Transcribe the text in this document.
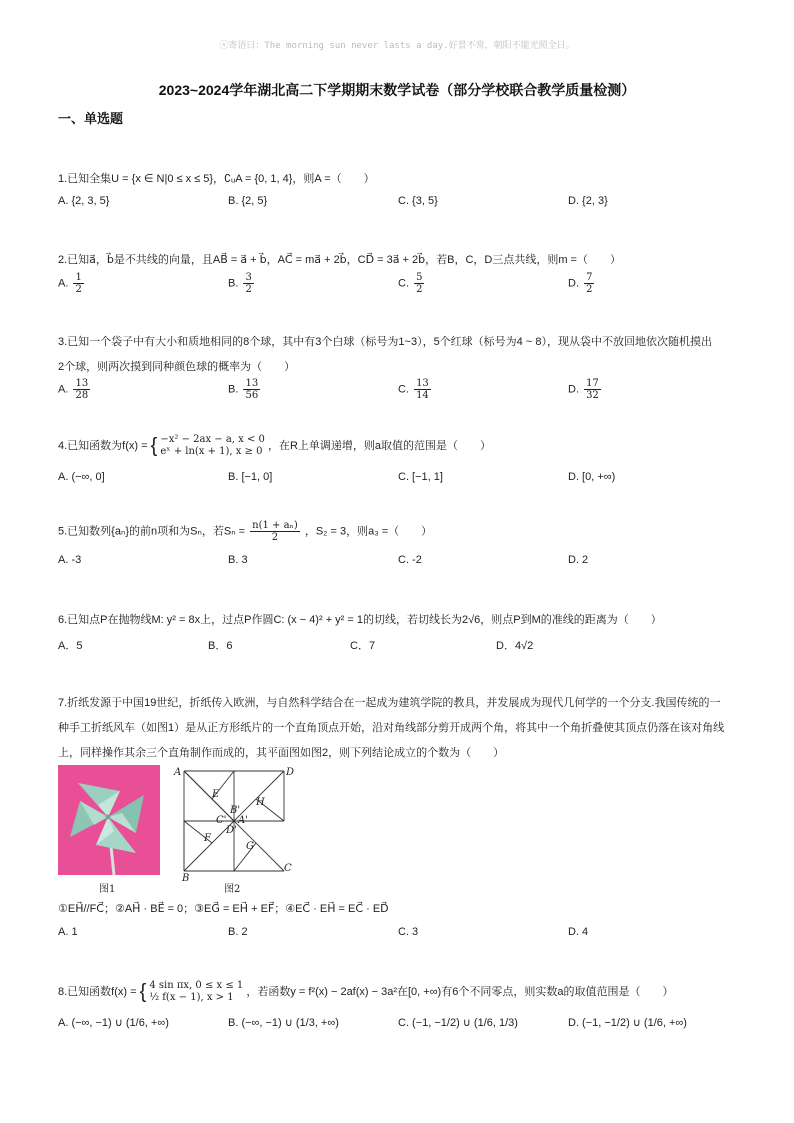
ⓢ寄语曰：The morning sun never lasts a day.好景不常，朝阳不能光照全日。
2023~2024学年湖北高二下学期期末数学试卷（部分学校联合教学质量检测）
一、单选题
1.已知全集U = {x ∈ N|0 ≤ x ≤ 5}，∁ᵤA = {0, 1, 4}，则A =（　　）
A. {2, 3, 5}	B. {2, 5}	C. {3, 5}	D. {2, 3}
2.已知a⃗，b⃗是不共线的向量，且AB⃗ = a⃗ + b⃗，AC⃗ = ma⃗ + 2b⃗，CD⃗ = 3a⃗ + 2b⃗，若B，C，D三点共线，则m =（　　）
A. $\frac{1}{2}$	B. $\frac{3}{2}$	C. $\frac{5}{2}$	D. $\frac{7}{2}$
3.已知一个袋子中有大小和质地相同的8个球，其中有3个白球（标号为1~3），5个红球（标号为4 ~ 8），现从袋中不放回地依次随机摸出
2个球，则两次摸到同种颜色球的概率为（　　）
A. $\frac{13}{28}$	B. $\frac{13}{56}$	C. $\frac{13}{14}$	D. $\frac{17}{32}$
4.已知函数为f(x) = { −x² − 2ax − a, x < 0
eˣ + ln(x + 1), x ≥ 0 ，在R上单调递增，则a取值的范围是（　　）
A. (−∞, 0]	B. [−1, 0]	C. [−1, 1]	D. [0, +∞)
5.已知数列{aₙ}的前n项和为Sₙ，若$S_n = \frac{\text{n(1 + aₙ)}}{2}$ ，S₂ = 3，则a₃ =（　　）
A. -3	B. 3	C. -2	D. 2
6.已知点P在抛物线M: y² = 8x上，过点P作圆C: (x − 4)² + y² = 1的切线，若切线长为2√6，则点P到M的准线的距离为（　　）
A．5	B．6	C．7	D．4√2
7.折纸发源于中国19世纪，折纸传入欧洲，与自然科学结合在一起成为建筑学院的教具，并发展成为现代几何学的一个分支.我国传统的一
种手工折纸风车（如图1）是从正方形纸片的一个直角顶点开始，沿对角线部分剪开成两个角，将其中一个角折叠使其顶点仍落在该对角线
上，同样操作其余三个直角制作而成的，其平面图如图2，则下列结论成立的个数为（　　）
A	D
E
H
B'
C' A'
D'
F
G
B
C
图1	图2
①EH⃗//FC⃗；②AH⃗ · BE⃗ = 0；③EG⃗ = EH⃗ + EF⃗；④EC⃗ · EH⃗ = EC⃗ · ED⃗
A. 1	B. 2	C. 3	D. 4
8.已知函数f(x) = { 4 sin πx, 0 ≤ x ≤ 1
½ f(x − 1), x > 1	，若函数y = f²(x) − 2af(x) − 3a²在[0, +∞)有6个不同零点，则实数a的取值范围是（　　）
A. (−∞, −1) ∪ (1/6, +∞)	B. (−∞, −1) ∪ (1/3, +∞)	C. (−1, −1/2) ∪ (1/6, 1/3)	D. (−1, −1/2) ∪ (1/6, +∞)
